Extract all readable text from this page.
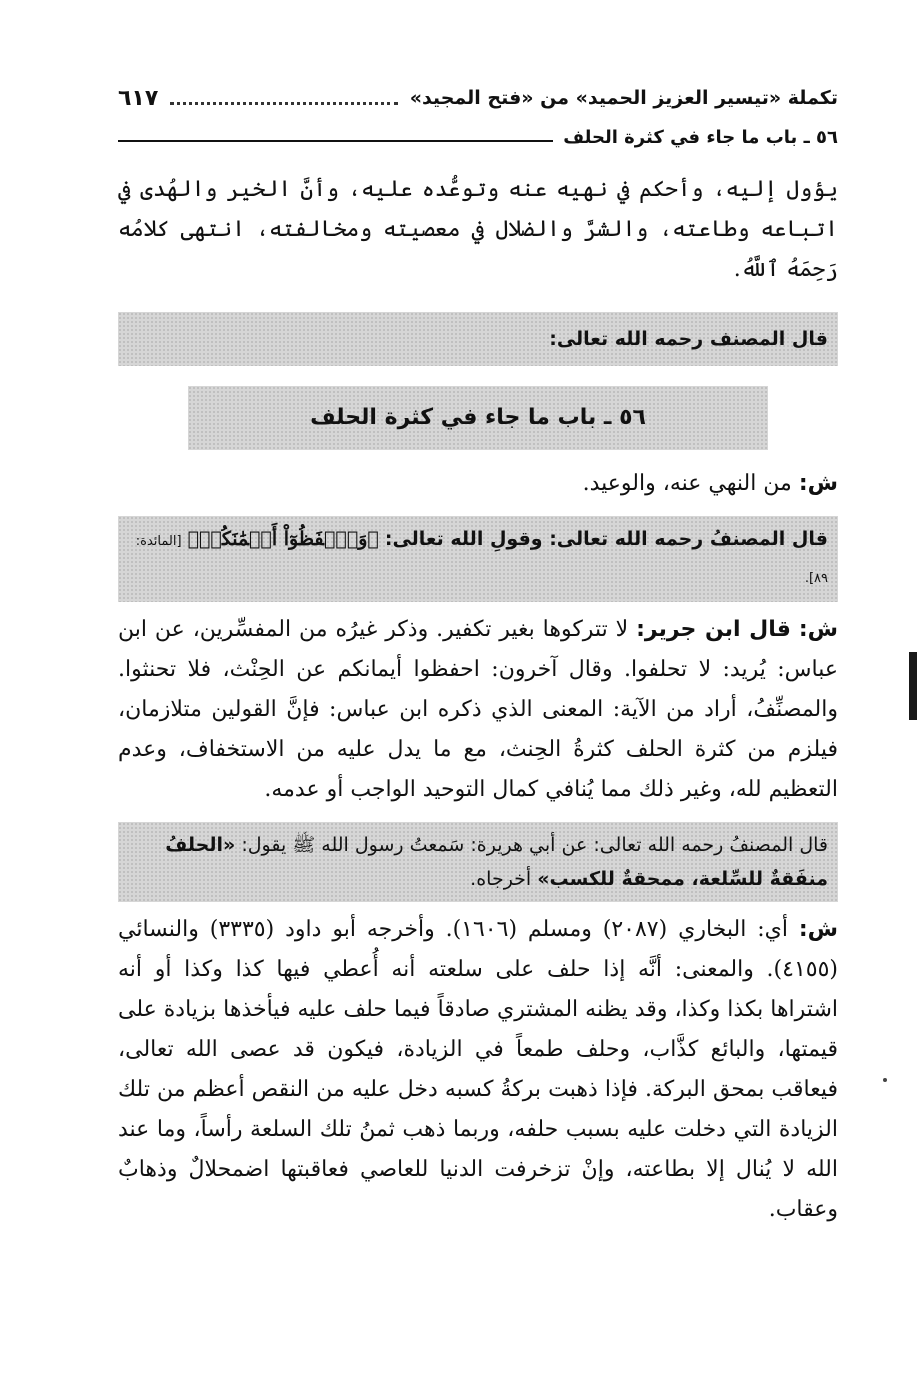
تكملة «تيسير العزيز الحميد» من «فتح المجيد»
٦١٧
٥٦ ـ باب ما جاء في كثرة الحلف

يؤول إليه، وأحكم في نهيه عنه وتوعُّده عليه، وأنَّ الخير والهُدى في اتباعه وطاعته، والشرَّ والضلال في معصيته ومخالفته، انتهى كلامُه رَحِمَهُ ٱللَّهُ.

قال المصنف رحمه الله تعالى:
٥٦ ـ باب ما جاء في كثرة الحلف

ش: من النهي عنه، والوعيد.

قال المصنفُ رحمه الله تعالى: وقولِ الله تعالى: ﴿وَٱحۡفَظُوٓاْ أَيۡمَٰنَكُمۡ﴾ [المائدة: ٨٩].

ش: قال ابن جرير: لا تتركوها بغير تكفير. وذكر غيرُه من المفسِّرين، عن ابن عباس: يُريد: لا تحلفوا. وقال آخرون: احفظوا أيمانكم عن الحِنْث، فلا تحنثوا. والمصنِّفُ، أراد من الآية: المعنى الذي ذكره ابن عباس: فإنَّ القولين متلازمان، فيلزم من كثرة الحلف كثرةُ الحِنث، مع ما يدل عليه من الاستخفاف، وعدم التعظيم لله، وغير ذلك مما يُنافي كمال التوحيد الواجب أو عدمه.

قال المصنفُ رحمه الله تعالى: عن أبي هريرة: سَمعتُ رسول الله ﷺ يقول: «الحلفُ منفَقةٌ للسِّلعة، ممحقةٌ للكسب» أخرجاه.

ش: أي: البخاري (٢٠٨٧) ومسلم (١٦٠٦). وأخرجه أبو داود (٣٣٣٥) والنسائي (٤١٥٥). والمعنى: أنَّه إذا حلف على سلعته أنه أُعطي فيها كذا وكذا أو أنه اشتراها بكذا وكذا، وقد يظنه المشتري صادقاً فيما حلف عليه فيأخذها بزيادة على قيمتها، والبائع كذَّاب، وحلف طمعاً في الزيادة، فيكون قد عصى الله تعالى، فيعاقب بمحق البركة. فإذا ذهبت بركةُ كسبه دخل عليه من النقص أعظم من تلك الزيادة التي دخلت عليه بسبب حلفه، وربما ذهب ثمنُ تلك السلعة رأساً، وما عند الله لا يُنال إلا بطاعته، وإنْ تزخرفت الدنيا للعاصي فعاقبتها اضمحلالٌ وذهابٌ وعقاب.
